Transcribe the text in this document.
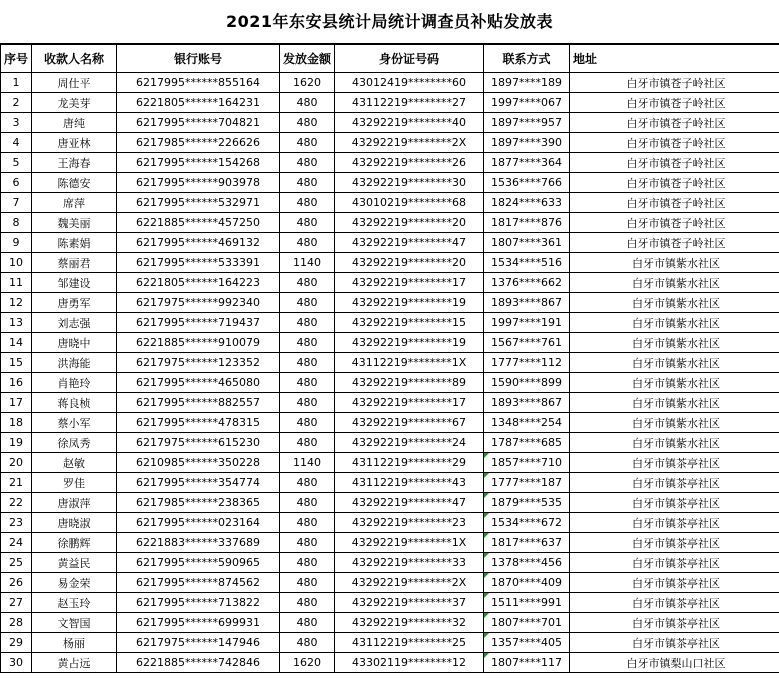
2021年东安县统计局统计调查员补贴发放表
序号	收款人名称	银行账号	发放金额	身份证号码	联系方式	地址
1	周仕平	6217995******855164	1620	43012419********60	1897****189	白牙市镇苍子岭社区
2	龙美芽	6221805******164231	480	43112219********27	1997****067	白牙市镇苍子岭社区
3	唐纯	6217995******704821	480	43292219********40	1897****957	白牙市镇苍子岭社区
4	唐亚林	6217985******226626	480	43292219********2X	1897****390	白牙市镇苍子岭社区
5	王海春	6217995******154268	480	43292219********26	1877****364	白牙市镇苍子岭社区
6	陈德安	6217995******903978	480	43292219********30	1536****766	白牙市镇苍子岭社区
7	席萍	6217995******532971	480	43010219********68	1824****633	白牙市镇苍子岭社区
8	魏美丽	6221885******457250	480	43292219********20	1817****876	白牙市镇苍子岭社区
9	陈素娟	6217995******469132	480	43292219********47	1807****361	白牙市镇苍子岭社区
10	蔡丽君	6217995******533391	1140	43292219********20	1534****516	白牙市镇紫水社区
11	邹建设	6221805******164223	480	43292219********17	1376****662	白牙市镇紫水社区
12	唐勇军	6217975******992340	480	43292219********19	1893****867	白牙市镇紫水社区
13	刘志强	6217995******719437	480	43292219********15	1997****191	白牙市镇紫水社区
14	唐晓中	6221885******910079	480	43292219********19	1567****761	白牙市镇紫水社区
15	洪海能	6217975******123352	480	43112219********1X	1777****112	白牙市镇紫水社区
16	肖艳玲	6217995******465080	480	43292219********89	1590****899	白牙市镇紫水社区
17	蒋良桢	6217995******882557	480	43292219********17	1893****867	白牙市镇紫水社区
18	蔡小军	6217995******478315	480	43292219********67	1348****254	白牙市镇紫水社区
19	徐凤秀	6217975******615230	480	43292219********24	1787****685	白牙市镇紫水社区
20	赵敏	6210985******350228	1140	43112219********29	1857****710	白牙市镇茶亭社区
21	罗佳	6217995******354774	480	43112219********43	1777****187	白牙市镇茶亭社区
22	唐淑萍	6217985******238365	480	43292219********47	1879****535	白牙市镇茶亭社区
23	唐晓淑	6217995******023164	480	43292219********23	1534****672	白牙市镇茶亭社区
24	徐鹏辉	6221883******337689	480	43292219********1X	1817****637	白牙市镇茶亭社区
25	黄益民	6217995******590965	480	43292219********33	1378****456	白牙市镇茶亭社区
26	易金荣	6217995******874562	480	43292219********2X	1870****409	白牙市镇茶亭社区
27	赵玉玲	6217995******713822	480	43292219********37	1511****991	白牙市镇茶亭社区
28	文智国	6217995******699931	480	43292219********32	1807****701	白牙市镇茶亭社区
29	杨丽	6217975******147946	480	43112219********25	1357****405	白牙市镇茶亭社区
30	黄占远	6221885******742846	1620	43302119********12	1807****117	白牙市镇梨山口社区
